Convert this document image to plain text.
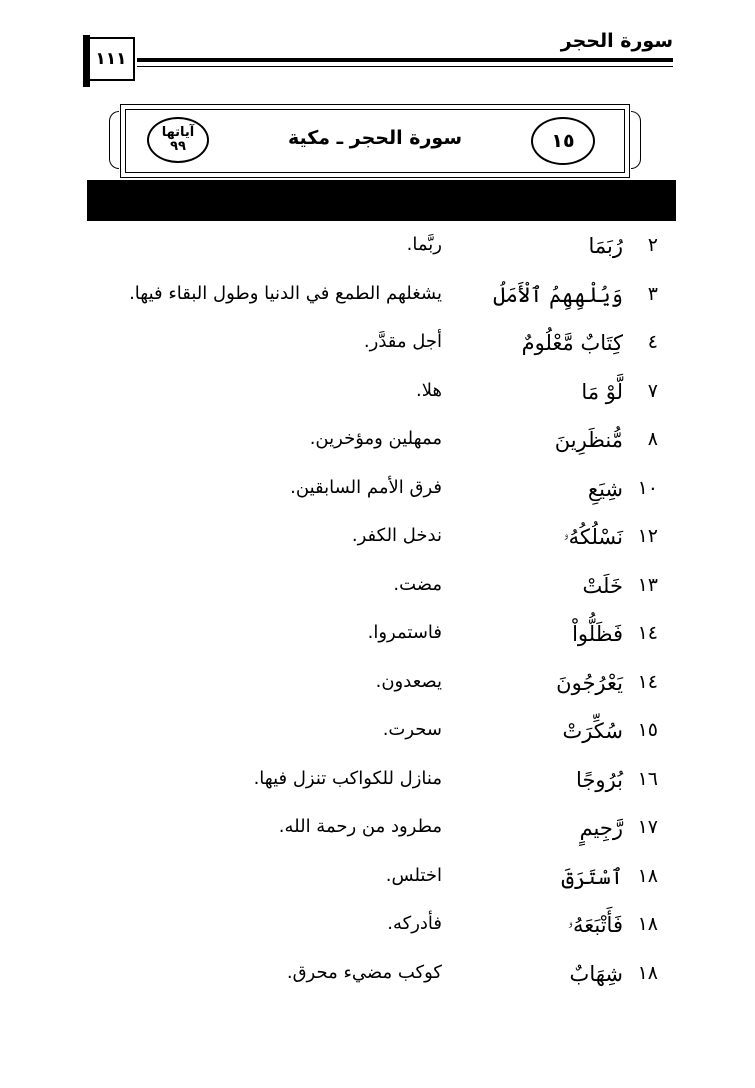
سورة الحجر
١١١
١٥
سورة الحجر ـ مكية
آياتها
٩٩
٢
رُبَمَا
ربَّما.
٣
وَيُلْهِهِمُ ٱلْأَمَلُ
يشغلهم الطمع في الدنيا وطول البقاء فيها.
٤
كِتَابٌ مَّعْلُومٌ
أجل مقدَّر.
٧
لَّوْ مَا
هلا.
٨
مُّنظَرِينَ
ممهلين ومؤخرين.
١٠
شِيَعِ
فرق الأمم السابقين.
١٢
نَسْلُكُهُۥ
ندخل الكفر.
١٣
خَلَتْ
مضت.
١٤
فَظَلُّواْ
فاستمروا.
١٤
يَعْرُجُونَ
يصعدون.
١٥
سُكِّرَتْ
سحرت.
١٦
بُرُوجًا
منازل للكواكب تنزل فيها.
١٧
رَّجِيمٍ
مطرود من رحمة الله.
١٨
ٱسْتَرَقَ
اختلس.
١٨
فَأَتْبَعَهُۥ
فأدركه.
١٨
شِهَابٌ
كوكب مضيء محرق.
